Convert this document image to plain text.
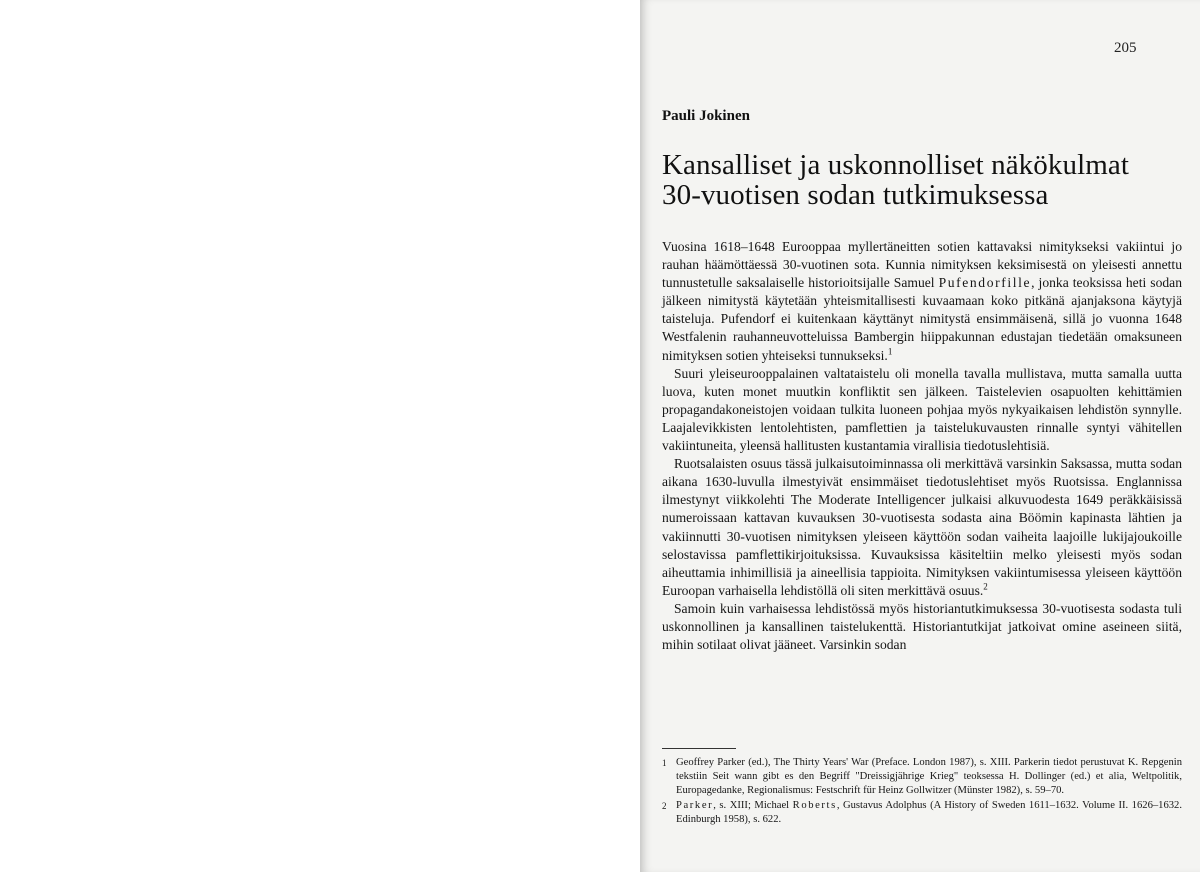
205
Pauli Jokinen
Kansalliset ja uskonnolliset näkökulmat
30-vuotisen sodan tutkimuksessa

Vuosina 1618–1648 Eurooppaa myllertäneitten sotien kattavaksi nimitykseksi vakiintui jo rauhan häämöttäessä 30-vuotinen sota. Kunnia nimityksen keksimisestä on yleisesti annettu tunnustetulle saksalaiselle historioitsijalle Samuel Pufendorfille, jonka teoksissa heti sodan jälkeen nimitystä käytetään yhteismitallisesti kuvaamaan koko pitkänä ajanjaksona käytyjä taisteluja. Pufendorf ei kuitenkaan käyttänyt nimitystä ensimmäisenä, sillä jo vuonna 1648 Westfalenin rauhanneuvotteluissa Bambergin hiippakunnan edustajan tiedetään omaksuneen nimityksen sotien yhteiseksi tunnukseksi.$^1$

Suuri yleiseurooppalainen valtataistelu oli monella tavalla mullistava, mutta samalla uutta luova, kuten monet muutkin konfliktit sen jälkeen. Taistelevien osapuolten kehittämien propagandakoneistojen voidaan tulkita luoneen pohjaa myös nykyaikaisen lehdistön synnylle. Laajalevikkisten lentolehtisten, pamflettien ja taistelukuvausten rinnalle syntyi vähitellen vakiintuneita, yleensä hallitusten kustantamia virallisia tiedotuslehtisiä.

Ruotsalaisten osuus tässä julkaisutoiminnassa oli merkittävä varsinkin Saksassa, mutta sodan aikana 1630-luvulla ilmestyivät ensimmäiset tiedotuslehtiset myös Ruotsissa. Englannissa ilmestynyt viikkolehti The Moderate Intelligencer julkaisi alkuvuodesta 1649 peräkkäisissä numeroissaan kattavan kuvauksen 30-vuotisesta sodasta aina Böömin kapinasta lähtien ja vakiinnutti 30-vuotisen nimityksen yleiseen käyttöön sodan vaiheita laajoille lukijajoukoille selostavissa pamflettikirjoituksissa. Kuvauksissa käsiteltiin melko yleisesti myös sodan aiheuttamia inhimillisiä ja aineellisia tappioita. Nimityksen vakiintumisessa yleiseen käyttöön Euroopan varhaisella lehdistöllä oli siten merkittävä osuus.$^2$

Samoin kuin varhaisessa lehdistössä myös historiantutkimuksessa 30-vuotisesta sodasta tuli uskonnollinen ja kansallinen taistelukenttä. Historiantutkijat jatkoivat omine aseineen siitä, mihin sotilaat olivat jääneet. Varsinkin sodan

1 Geoffrey Parker (ed.), The Thirty Years' War (Preface. London 1987), s. XIII. Parkerin tiedot perustuvat K. Repgenin tekstiin Seit wann gibt es den Begriff "Dreissigjährige Krieg" teoksessa H. Dollinger (ed.) et alia, Weltpolitik, Europagedanke, Regionalismus: Festschrift für Heinz Gollwitzer (Münster 1982), s. 59–70.
2 Parker, s. XIII; Michael Roberts, Gustavus Adolphus (A History of Sweden 1611–1632. Volume II. 1626–1632. Edinburgh 1958), s. 622.
